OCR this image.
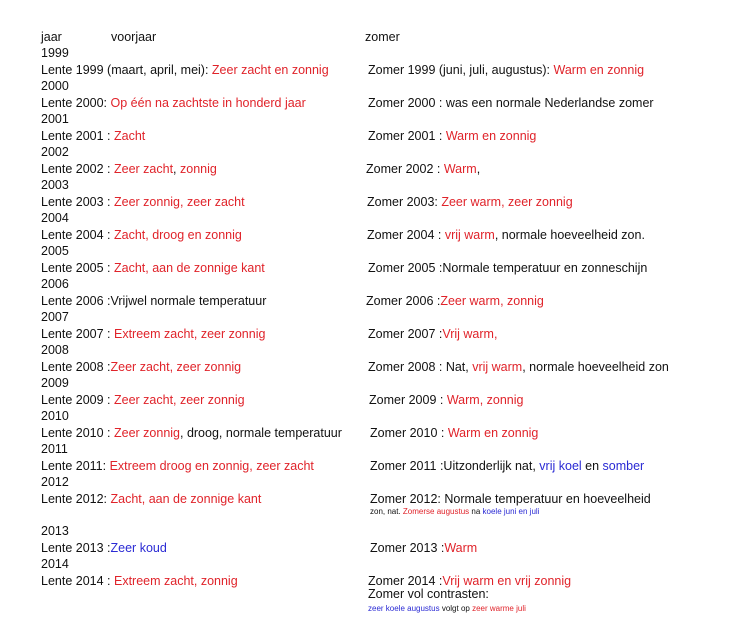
jaar	voorjaar	zomer
1999
Lente 1999 (maart, april, mei): Zeer zacht en zonnig	Zomer 1999 (juni, juli, augustus): Warm en zonnig
2000
Lente 2000: Op één na zachtste in honderd jaar	Zomer 2000 : was een normale Nederlandse zomer
2001
Lente 2001 : Zacht	Zomer 2001 : Warm en zonnig
2002
Lente 2002 : Zeer zacht, zonnig	Zomer 2002 : Warm,
2003
Lente 2003 : Zeer zonnig, zeer zacht	Zomer 2003: Zeer warm, zeer zonnig
2004
Lente 2004 : Zacht, droog en zonnig	Zomer 2004 : vrij warm, normale hoeveelheid zon.
2005
Lente 2005 : Zacht, aan de zonnige kant	Zomer 2005 :Normale temperatuur en zonneschijn
2006
Lente 2006 :Vrijwel normale temperatuur	Zomer 2006 :Zeer warm, zonnig
2007
Lente 2007 : Extreem zacht, zeer zonnig	Zomer 2007 :Vrij warm,
2008
Lente 2008 :Zeer zacht, zeer zonnig	Zomer 2008 : Nat, vrij warm, normale hoeveelheid zon
2009
Lente 2009 : Zeer zacht, zeer zonnig	Zomer 2009 : Warm, zonnig
2010
Lente 2010 : Zeer zonnig, droog, normale temperatuur Zomer 2010 : Warm en zonnig
2011
Lente 2011: Extreem droog en zonnig, zeer zacht	Zomer 2011 :Uitzonderlijk nat, vrij koel en somber
2012
Lente 2012: Zacht, aan de zonnige kant	Zomer 2012: Normale temperatuur en hoeveelheid
2013
Lente 2013 :Zeer koud	Zomer 2013 :Warm
2014
Lente 2014 : Extreem zacht, zonnig	Zomer 2014 :Vrij warm en vrij zonnig
zon, nat. Zomerse augustus na koele juni en juli
Zomer vol contrasten:
zeer koele augustus volgt op zeer warme juli
